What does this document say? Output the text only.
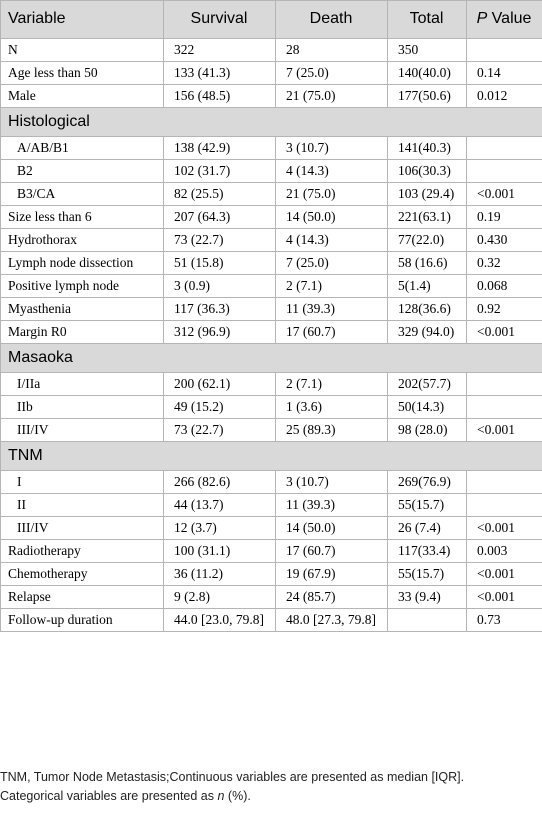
Variable	Survival	Death	Total	P Value
N	322	28	350	
Age less than 50	133 (41.3)	7 (25.0)	140(40.0)	0.14
Male	156 (48.5)	21 (75.0)	177(50.6)	0.012
Histological				
A/AB/B1	138 (42.9)	3 (10.7)	141(40.3)	
B2	102 (31.7)	4 (14.3)	106(30.3)	
B3/CA	82 (25.5)	21 (75.0)	103 (29.4)	<0.001
Size less than 6	207 (64.3)	14 (50.0)	221(63.1)	0.19
Hydrothorax	73 (22.7)	4 (14.3)	77(22.0)	0.430
Lymph node dissection	51 (15.8)	7 (25.0)	58 (16.6)	0.32
Positive lymph node	3 (0.9)	2 (7.1)	5(1.4)	0.068
Myasthenia	117 (36.3)	11 (39.3)	128(36.6)	0.92
Margin R0	312 (96.9)	17 (60.7)	329 (94.0)	<0.001
Masaoka				
I/IIa	200 (62.1)	2 (7.1)	202(57.7)	
IIb	49 (15.2)	1 (3.6)	50(14.3)	
III/IV	73 (22.7)	25 (89.3)	98 (28.0)	<0.001
TNM				
I	266 (82.6)	3 (10.7)	269(76.9)	
II	44 (13.7)	11 (39.3)	55(15.7)	
III/IV	12 (3.7)	14 (50.0)	26 (7.4)	<0.001
Radiotherapy	100 (31.1)	17 (60.7)	117(33.4)	0.003
Chemotherapy	36 (11.2)	19 (67.9)	55(15.7)	<0.001
Relapse	9 (2.8)	24 (85.7)	33 (9.4)	<0.001
Follow-up duration	44.0 [23.0, 79.8]	48.0 [27.3, 79.8]		0.73

TNM, Tumor Node Metastasis;Continuous variables are presented as median [IQR].
Categorical variables are presented as n (%).
